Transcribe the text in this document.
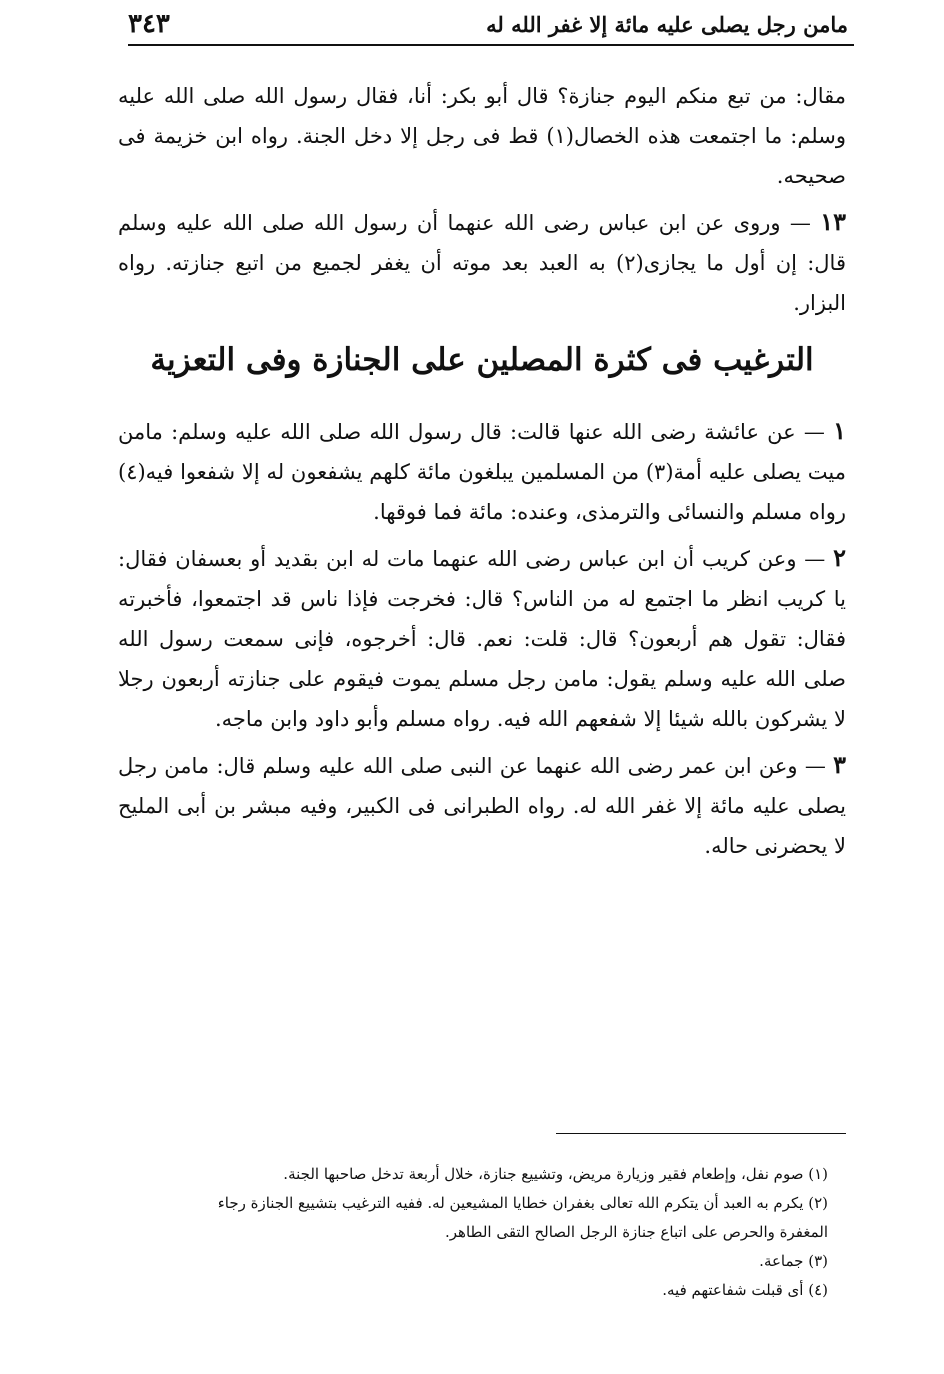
مامن رجل يصلى عليه مائة إلا غفر الله له
٣٤٣

مقال: من تبع منكم اليوم جنازة؟ قال أبو بكر: أنا، فقال رسول الله صلى الله عليه وسلم: ما اجتمعت هذه الخصال(١) قط فى رجل إلا دخل الجنة. رواه ابن خزيمة فى صحيحه.

١٣ — وروى عن ابن عباس رضى الله عنهما أن رسول الله صلى الله عليه وسلم قال: إن أول ما يجازى(٢) به العبد بعد موته أن يغفر لجميع من اتبع جنازته. رواه البزار.

الترغيب فى كثرة المصلين على الجنازة وفى التعزية

١ — عن عائشة رضى الله عنها قالت: قال رسول الله صلى الله عليه وسلم: مامن ميت يصلى عليه أمة(٣) من المسلمين يبلغون مائة كلهم يشفعون له إلا شفعوا فيه(٤) رواه مسلم والنسائى والترمذى، وعنده: مائة فما فوقها.

٢ — وعن كريب أن ابن عباس رضى الله عنهما مات له ابن بقديد أو بعسفان فقال: يا كريب انظر ما اجتمع له من الناس؟ قال: فخرجت فإذا ناس قد اجتمعوا، فأخبرته فقال: تقول هم أربعون؟ قال: قلت: نعم. قال: أخرجوه، فإنى سمعت رسول الله صلى الله عليه وسلم يقول: مامن رجل مسلم يموت فيقوم على جنازته أربعون رجلا لا يشركون بالله شيئا إلا شفعهم الله فيه. رواه مسلم وأبو داود وابن ماجه.

٣ — وعن ابن عمر رضى الله عنهما عن النبى صلى الله عليه وسلم قال: مامن رجل يصلى عليه مائة إلا غفر الله له. رواه الطبرانى فى الكبير، وفيه مبشر بن أبى المليح لا يحضرنى حاله.

(١) صوم نفل، وإطعام فقير وزيارة مريض، وتشييع جنازة، خلال أربعة تدخل صاحبها الجنة.

(٢) يكرم به العبد أن يتكرم الله تعالى بغفران خطايا المشيعين له. ففيه الترغيب بتشييع الجنازة رجاء

المغفرة والحرص على اتباع جنازة الرجل الصالح التقى الطاهر.

(٣) جماعة.

(٤) أى قبلت شفاعتهم فيه.
